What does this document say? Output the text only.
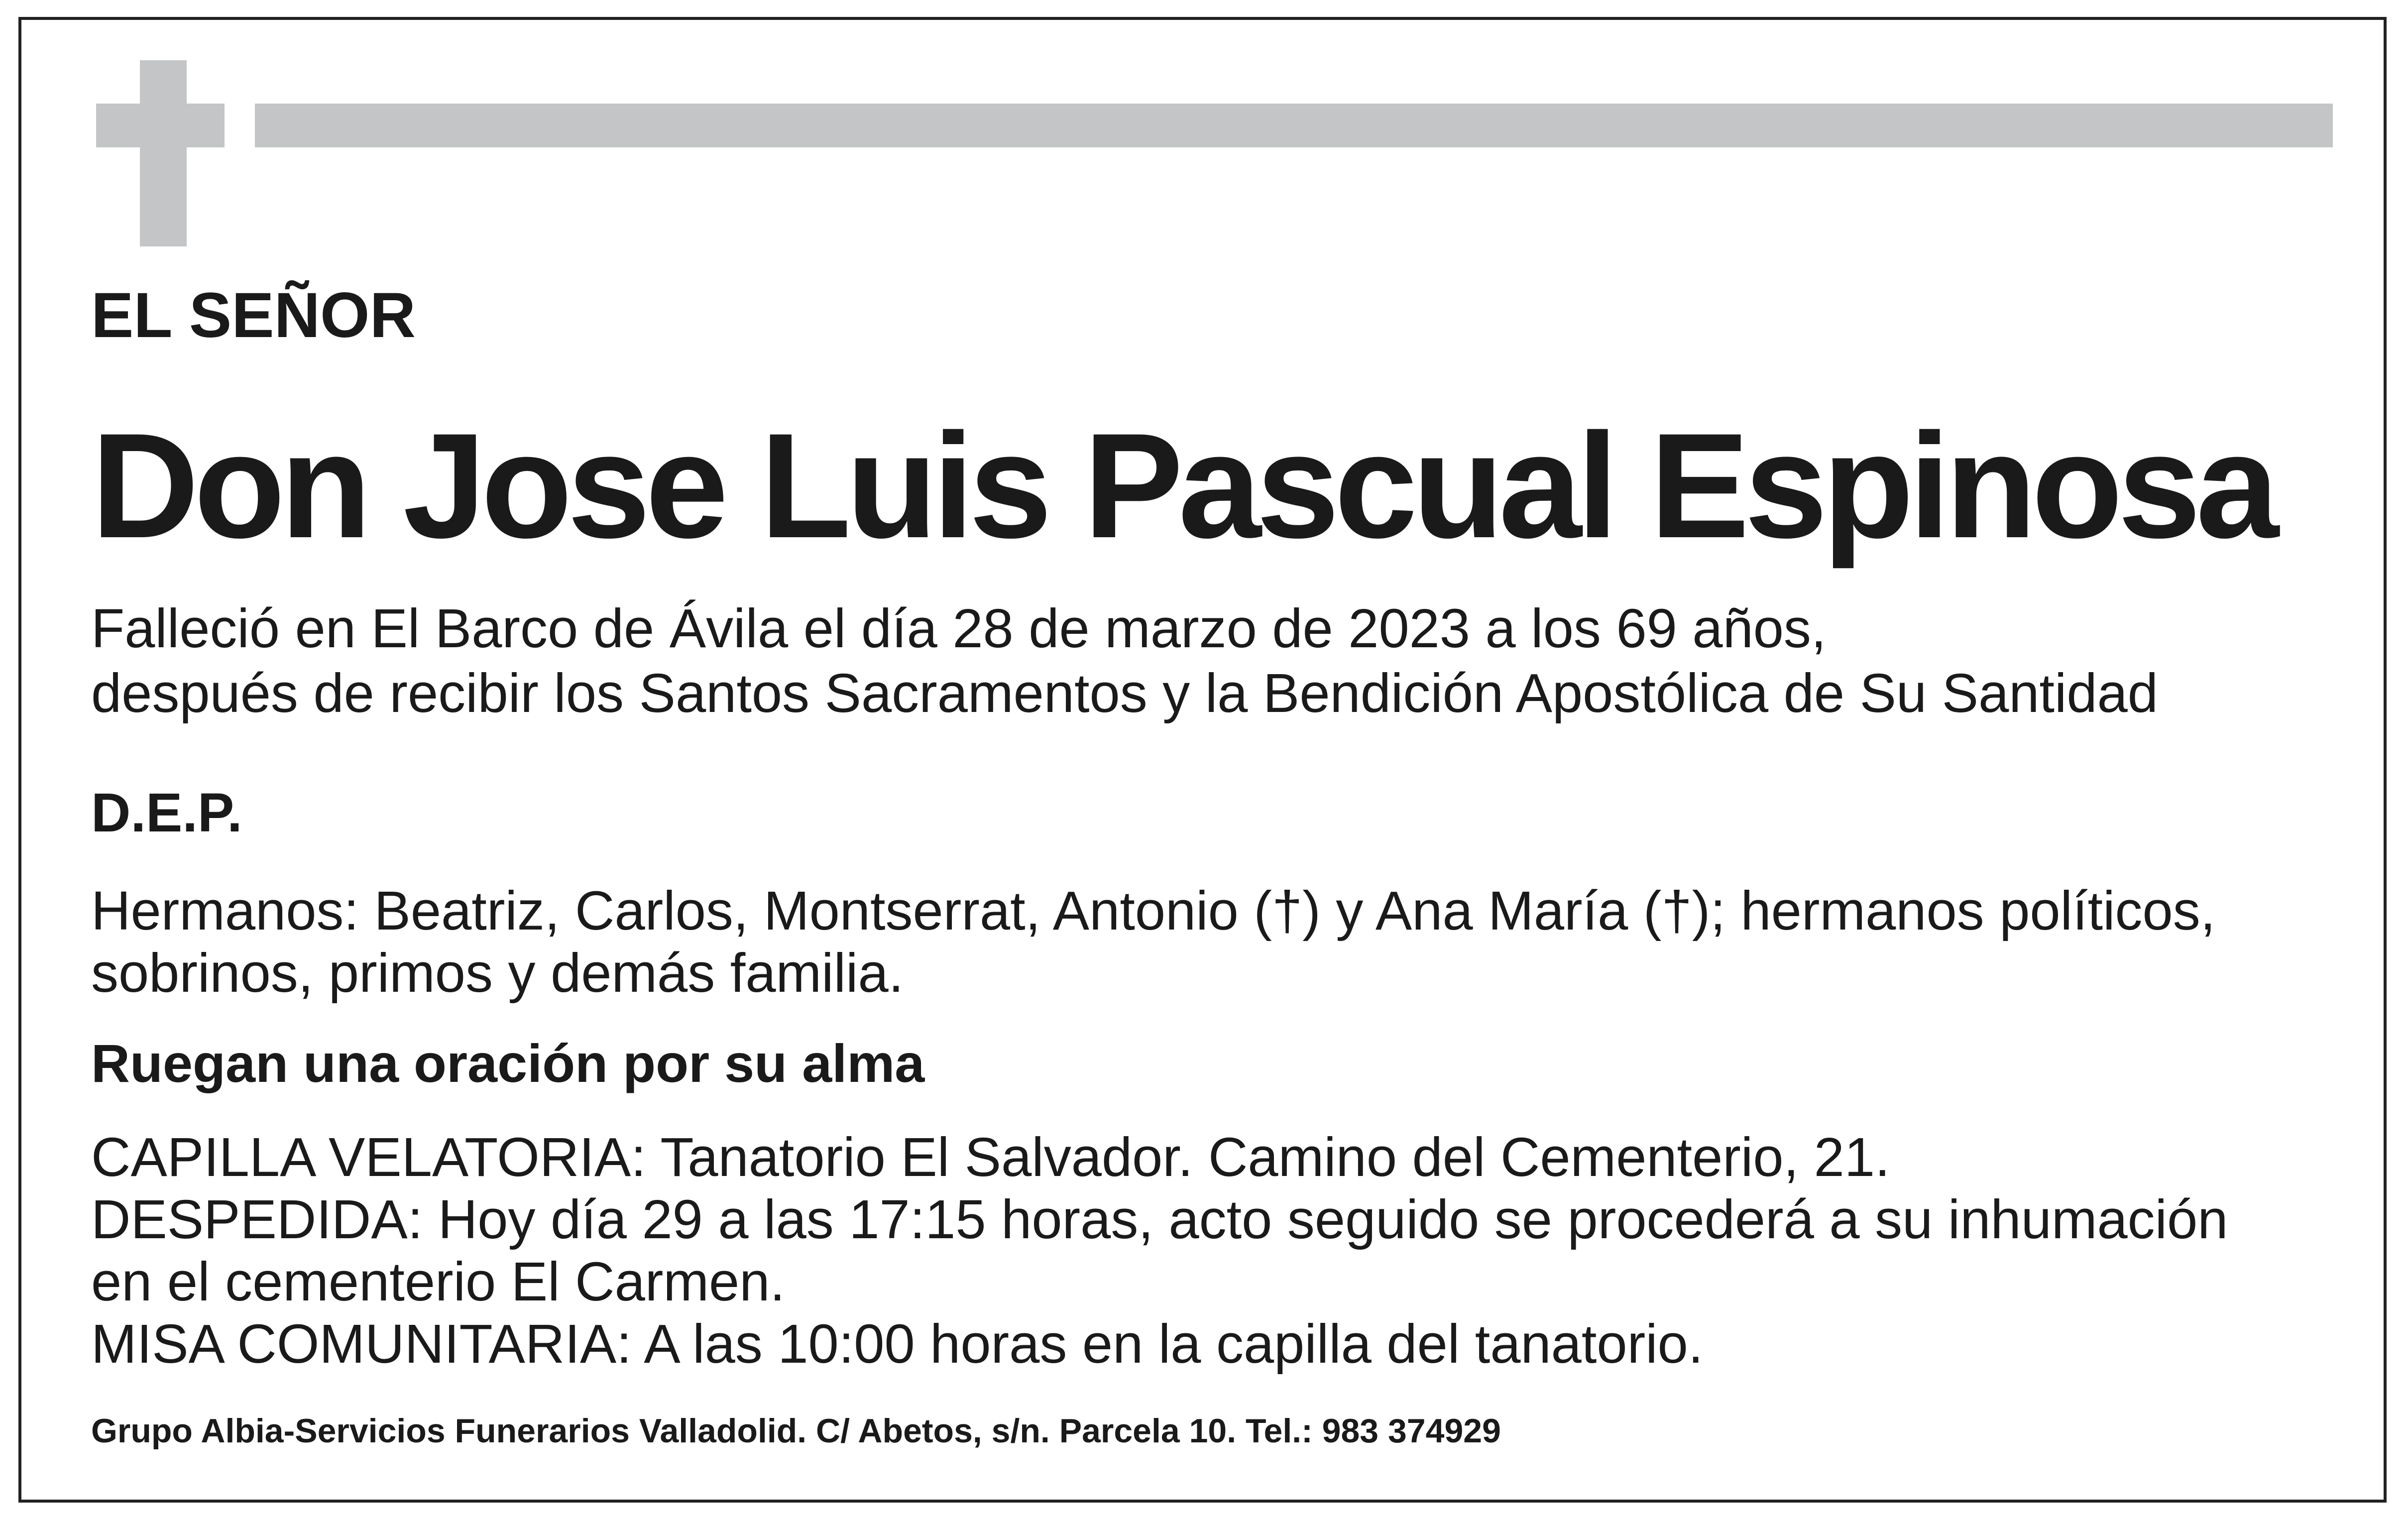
EL SEÑOR
Don Jose Luis Pascual Espinosa
Falleció en El Barco de Ávila el día 28 de marzo de 2023 a los 69 años,
después de recibir los Santos Sacramentos y la Bendición Apostólica de Su Santidad
D.E.P.
Hermanos: Beatriz, Carlos, Montserrat, Antonio (†) y Ana María (†); hermanos políticos,
sobrinos, primos y demás familia.
Ruegan una oración por su alma
CAPILLA VELATORIA: Tanatorio El Salvador. Camino del Cementerio, 21.
DESPEDIDA: Hoy día 29 a las 17:15 horas, acto seguido se procederá a su inhumación
en el cementerio El Carmen.
MISA COMUNITARIA: A las 10:00 horas en la capilla del tanatorio.
Grupo Albia-Servicios Funerarios Valladolid. C/ Abetos, s/n. Parcela 10. Tel.: 983 374929
